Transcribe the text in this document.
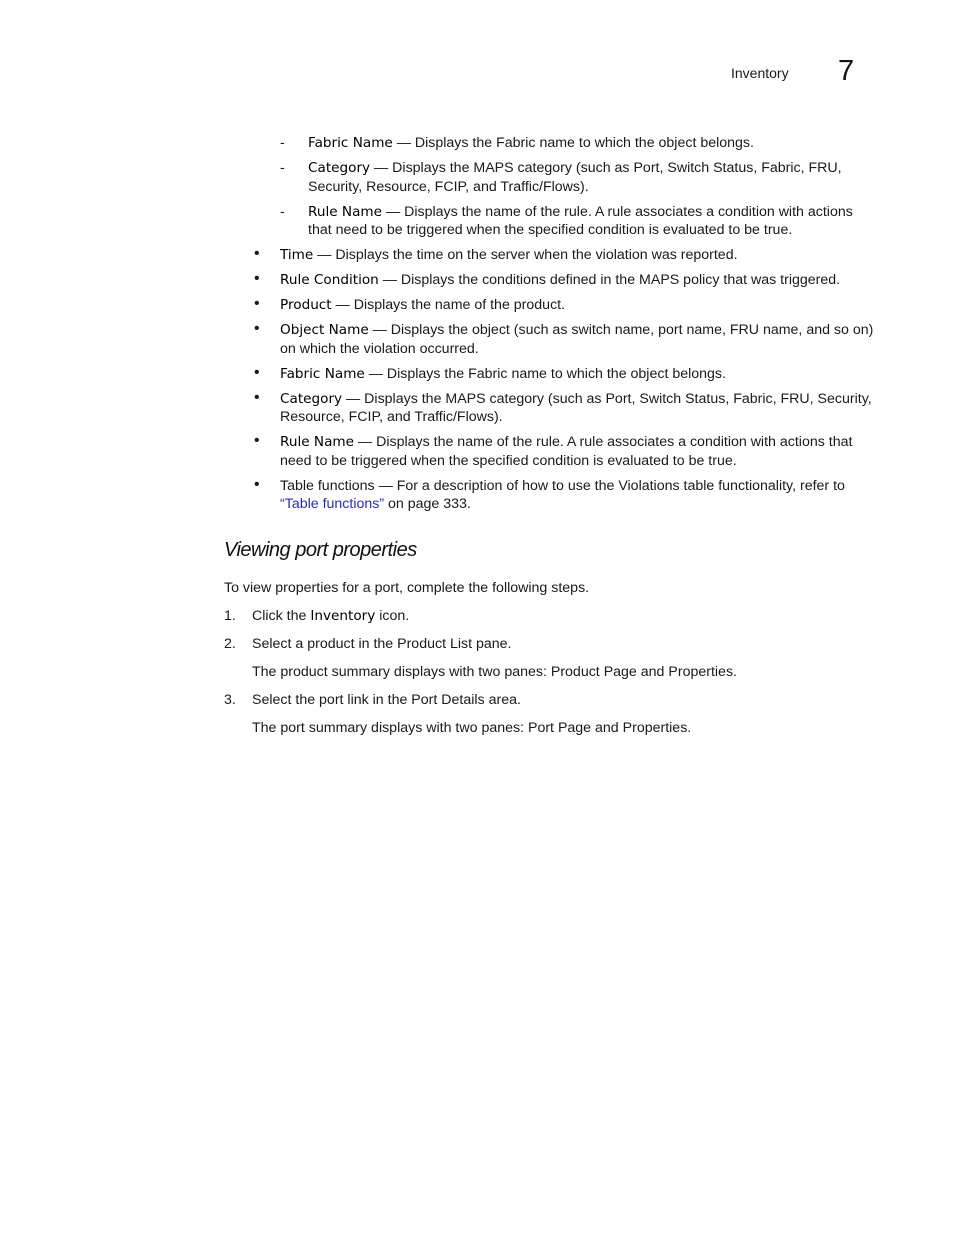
Inventory 7
- Fabric Name — Displays the Fabric name to which the object belongs.
- Category — Displays the MAPS category (such as Port, Switch Status, Fabric, FRU, Security, Resource, FCIP, and Traffic/Flows).
- Rule Name — Displays the name of the rule. A rule associates a condition with actions that need to be triggered when the specified condition is evaluated to be true.
• Time — Displays the time on the server when the violation was reported.
• Rule Condition — Displays the conditions defined in the MAPS policy that was triggered.
• Product — Displays the name of the product.
• Object Name — Displays the object (such as switch name, port name, FRU name, and so on) on which the violation occurred.
• Fabric Name — Displays the Fabric name to which the object belongs.
• Category — Displays the MAPS category (such as Port, Switch Status, Fabric, FRU, Security, Resource, FCIP, and Traffic/Flows).
• Rule Name — Displays the name of the rule. A rule associates a condition with actions that need to be triggered when the specified condition is evaluated to be true.
• Table functions — For a description of how to use the Violations table functionality, refer to “Table functions” on page 333.
Viewing port properties

To view properties for a port, complete the following steps.

1. Click the Inventory icon.
2. Select a product in the Product List pane.

The product summary displays with two panes: Product Page and Properties.

3. Select the port link in the Port Details area.

The port summary displays with two panes: Port Page and Properties.
